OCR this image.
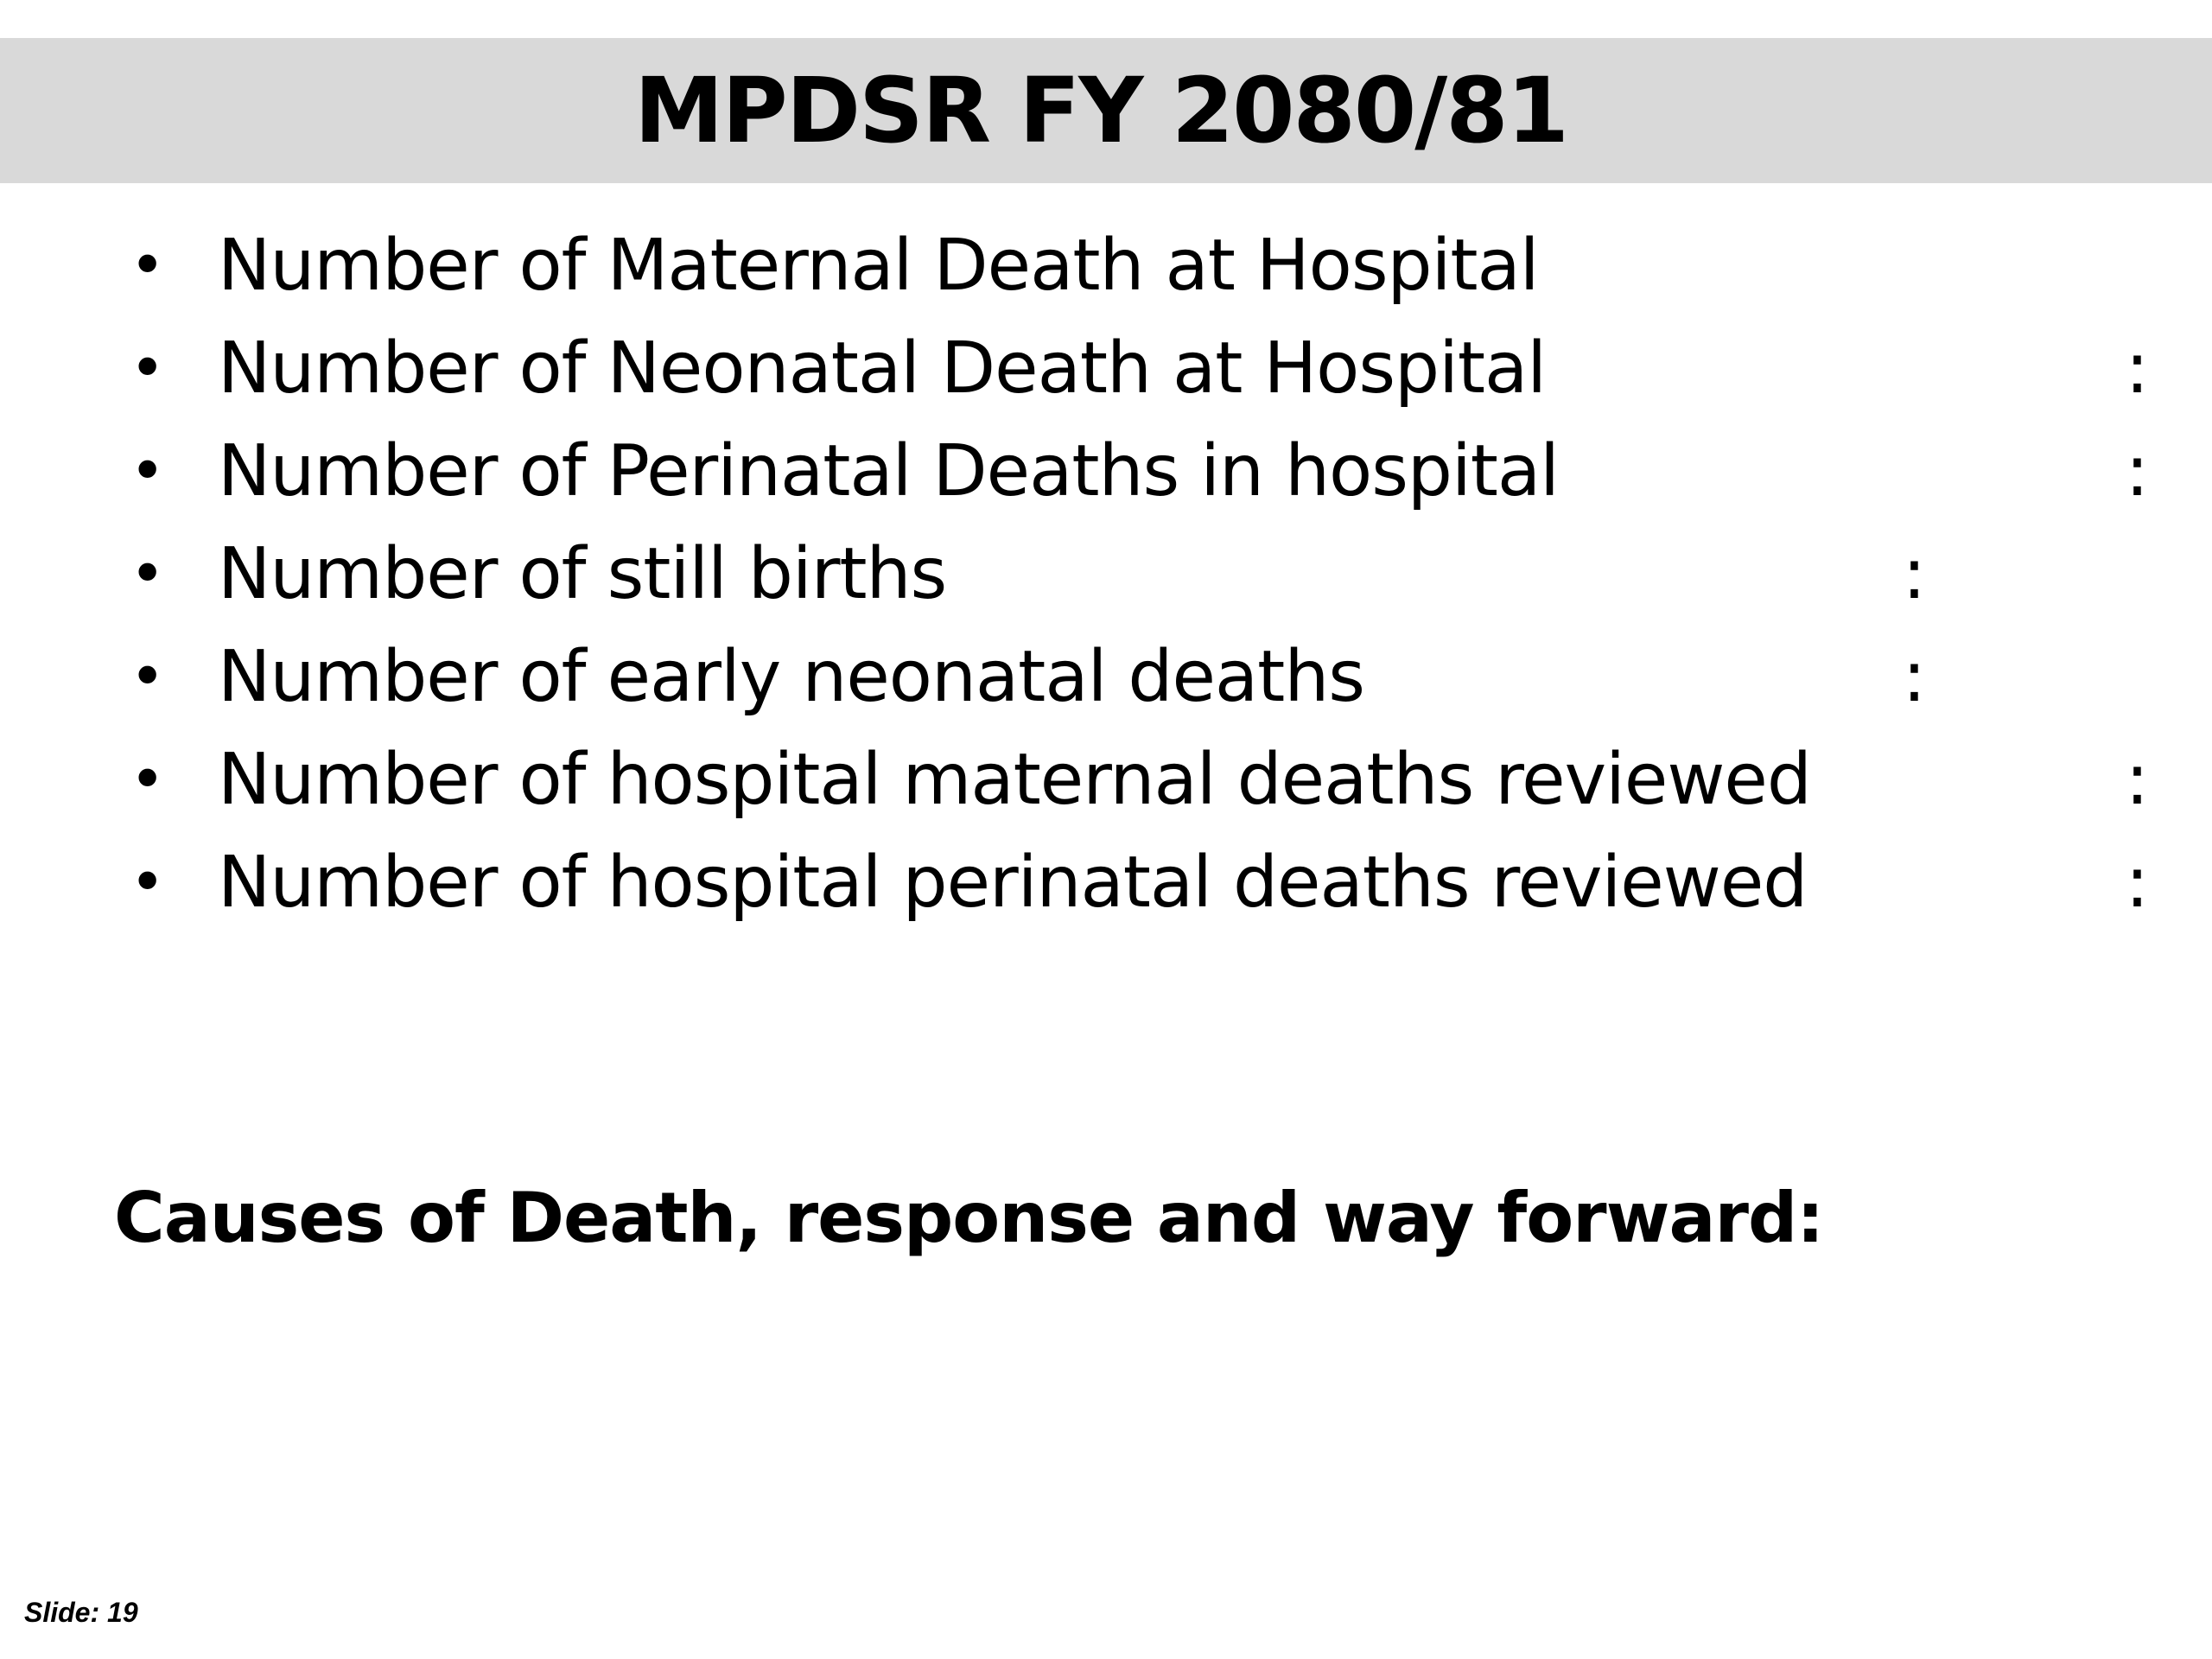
MPDSR FY 2080/81
• Number of Maternal Death at Hospital
• Number of Neonatal Death at Hospital	:
• Number of Perinatal Deaths in hospital	:
• Number of still births	:
• Number of early neonatal deaths	:
• Number of hospital maternal deaths reviewed	:
• Number of hospital perinatal deaths reviewed	:
Causes of Death, response and way forward:
Slide: 19
